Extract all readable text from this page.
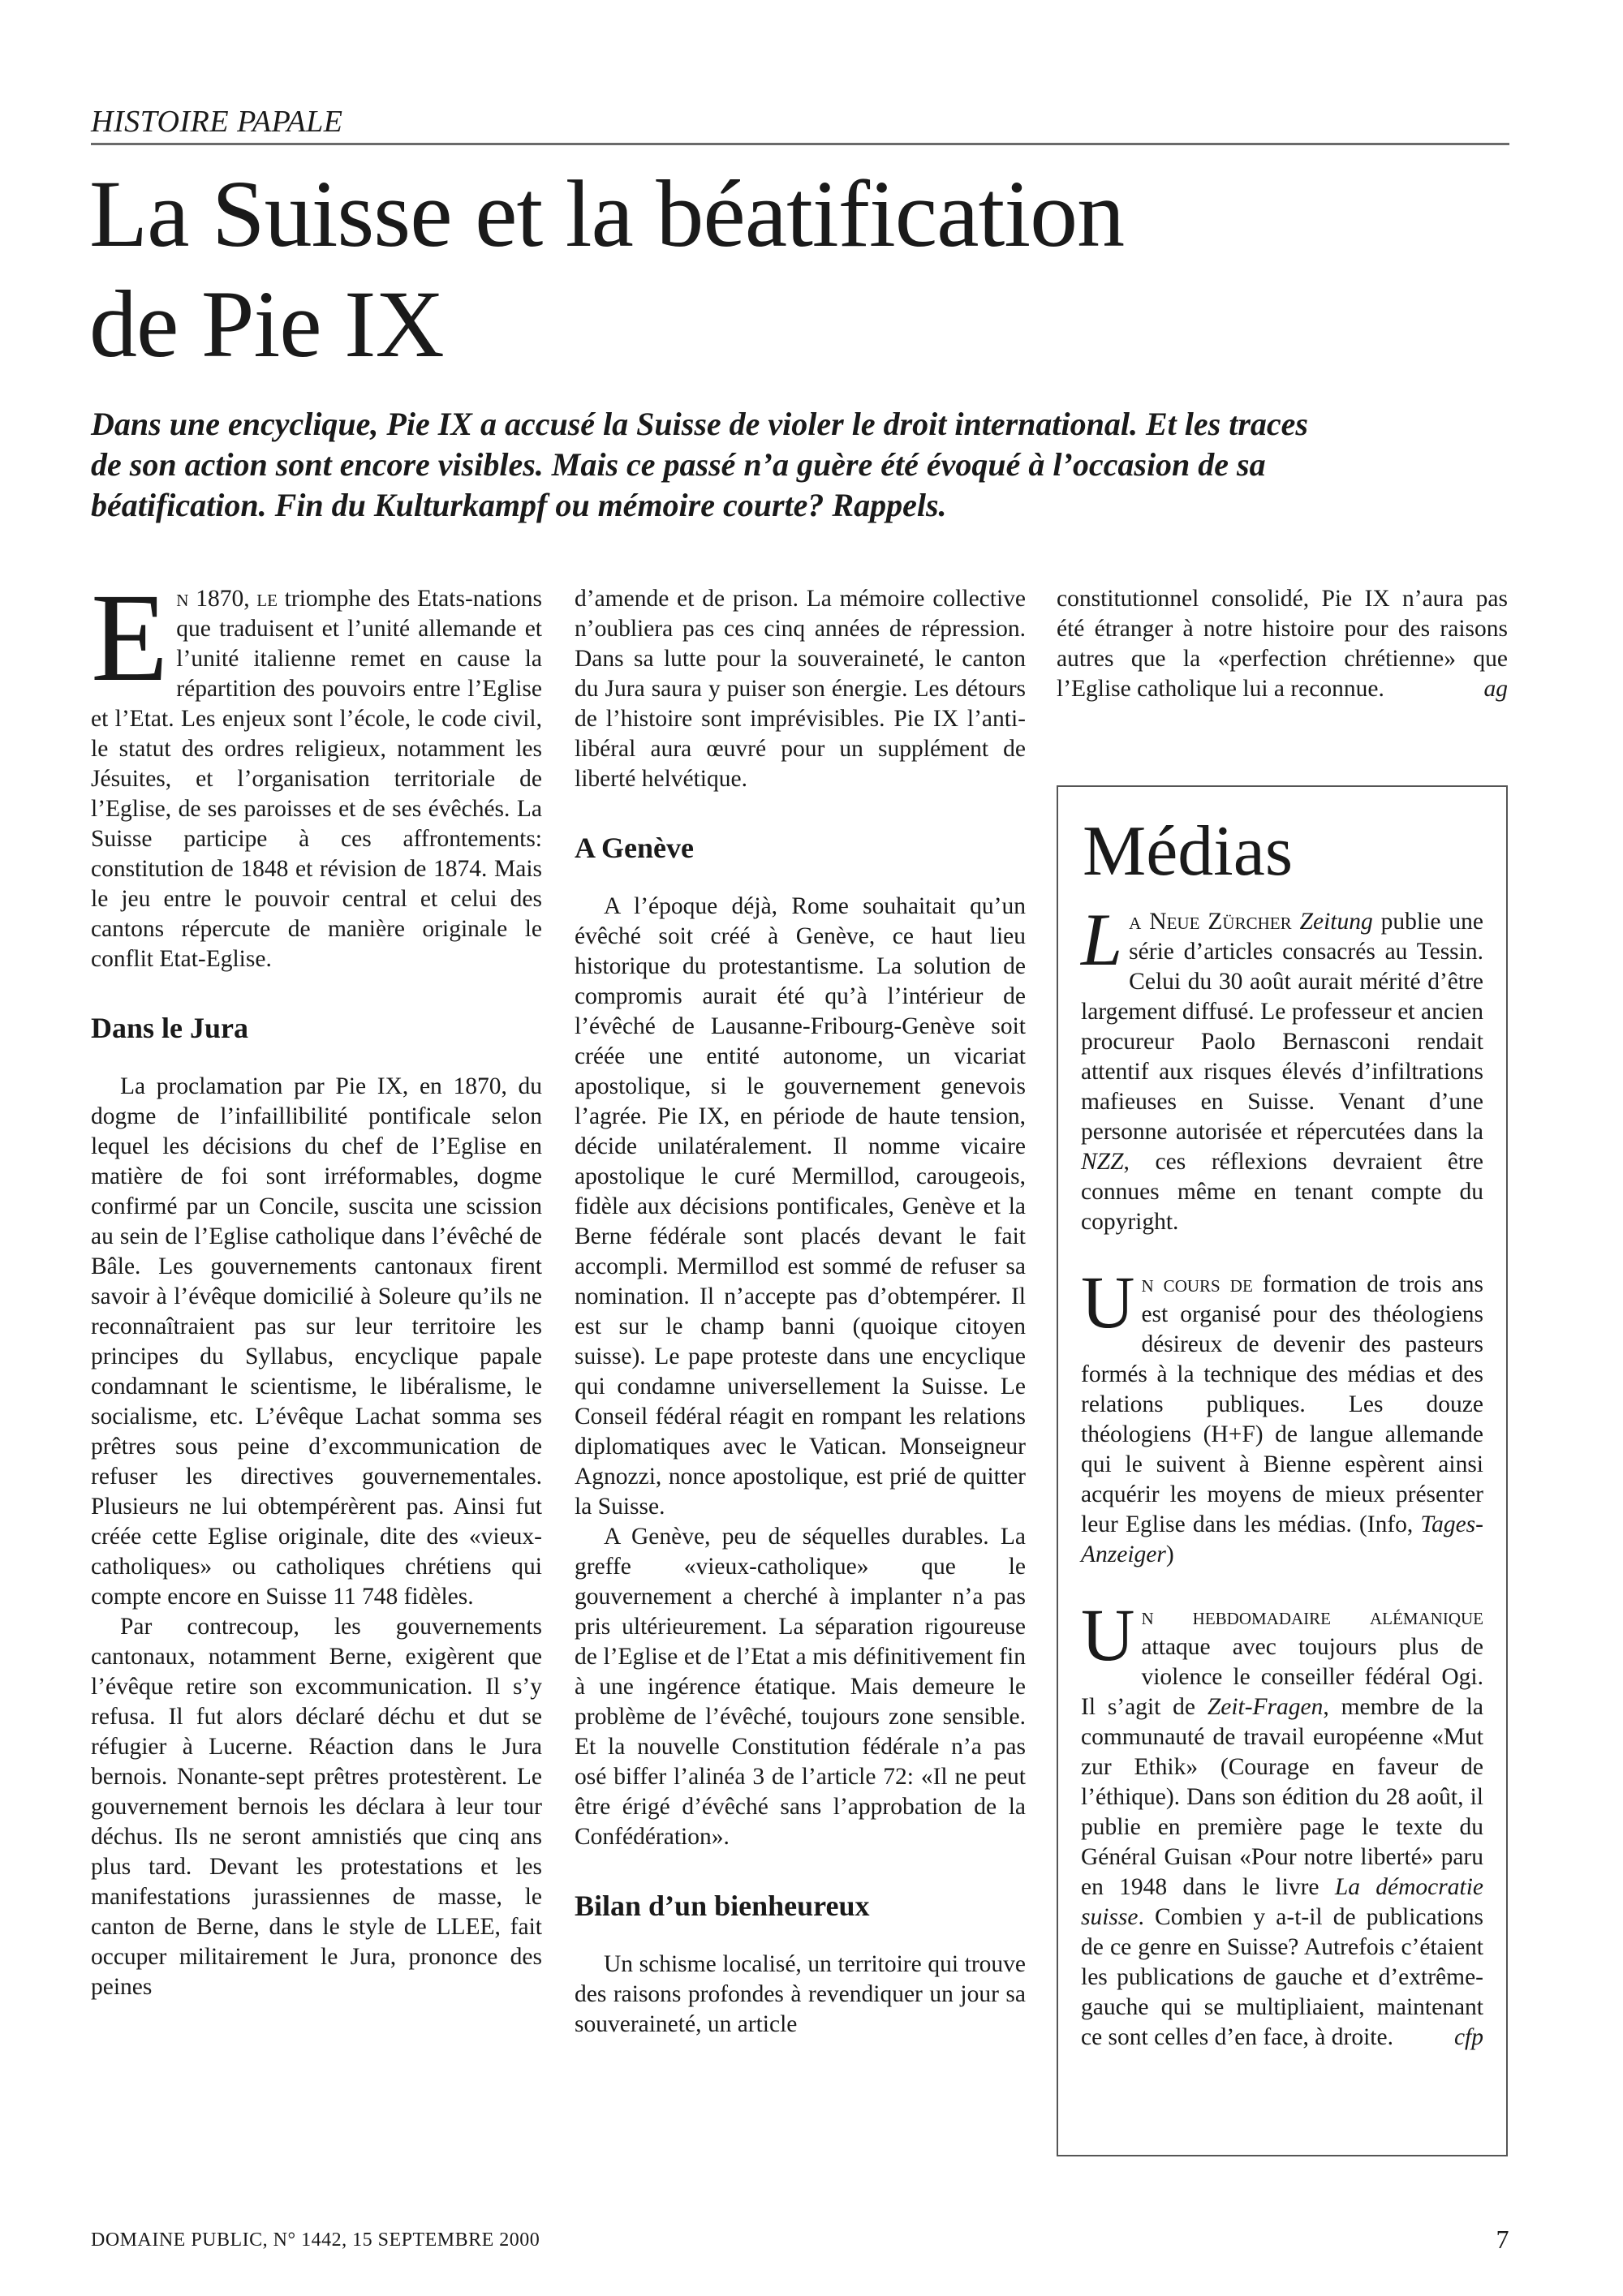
HISTOIRE PAPALE
La Suisse et la béatification
de Pie IX

Dans une encyclique, Pie IX a accusé la Suisse de violer le droit international. Et les traces de son action sont encore visibles. Mais ce passé n’a guère été évoqué à l’occasion de sa béatification. Fin du Kulturkampf ou mémoire courte? Rappels.

En 1870, le triomphe des Etats-nations que traduisent et l’unité allemande et l’unité italienne remet en cause la répartition des pouvoirs entre l’Eglise et l’Etat. Les enjeux sont l’école, le code civil, le statut des ordres religieux, notamment les Jésuites, et l’organisation territoriale de l’Eglise, de ses paroisses et de ses évêchés. La Suisse participe à ces affrontements: constitution de 1848 et révision de 1874. Mais le jeu entre le pouvoir central et celui des cantons répercute de manière originale le conflit Etat-Eglise.

Dans le Jura

La proclamation par Pie IX, en 1870, du dogme de l’infaillibilité pontificale selon lequel les décisions du chef de l’Eglise en matière de foi sont irréformables, dogme confirmé par un Concile, suscita une scission au sein de l’Eglise catholique dans l’évêché de Bâle. Les gouvernements cantonaux firent savoir à l’évêque domicilié à Soleure qu’ils ne reconnaîtraient pas sur leur territoire les principes du Syllabus, encyclique papale condamnant le scientisme, le libéralisme, le socialisme, etc. L’évêque Lachat somma ses prêtres sous peine d’excommunication de refuser les directives gouvernementales. Plusieurs ne lui obtempérèrent pas. Ainsi fut créée cette Eglise originale, dite des «vieux-catholiques» ou catholiques chrétiens qui compte encore en Suisse 11 748 fidèles.

Par contrecoup, les gouvernements cantonaux, notamment Berne, exigèrent que l’évêque retire son excommunication. Il s’y refusa. Il fut alors déclaré déchu et dut se réfugier à Lucerne. Réaction dans le Jura bernois. Nonante-sept prêtres protestèrent. Le gouvernement bernois les déclara à leur tour déchus. Ils ne seront amnistiés que cinq ans plus tard. Devant les protestations et les manifestations jurassiennes de masse, le canton de Berne, dans le style de LLEE, fait occuper militairement le Jura, prononce des peines

d’amende et de prison. La mémoire collective n’oubliera pas ces cinq années de répression. Dans sa lutte pour la souveraineté, le canton du Jura saura y puiser son énergie. Les détours de l’histoire sont imprévisibles. Pie IX l’anti-libéral aura œuvré pour un supplément de liberté helvétique.

A Genève

A l’époque déjà, Rome souhaitait qu’un évêché soit créé à Genève, ce haut lieu historique du protestantisme. La solution de compromis aurait été qu’à l’intérieur de l’évêché de Lausanne-Fribourg-Genève soit créée une entité autonome, un vicariat apostolique, si le gouvernement genevois l’agrée. Pie IX, en période de haute tension, décide unilatéralement. Il nomme vicaire apostolique le curé Mermillod, carougeois, fidèle aux décisions pontificales, Genève et la Berne fédérale sont placés devant le fait accompli. Mermillod est sommé de refuser sa nomination. Il n’accepte pas d’obtempérer. Il est sur le champ banni (quoique citoyen suisse). Le pape proteste dans une encyclique qui condamne universellement la Suisse. Le Conseil fédéral réagit en rompant les relations diplomatiques avec le Vatican. Monseigneur Agnozzi, nonce apostolique, est prié de quitter la Suisse.

A Genève, peu de séquelles durables. La greffe «vieux-catholique» que le gouvernement a cherché à implanter n’a pas pris ultérieurement. La séparation rigoureuse de l’Eglise et de l’Etat a mis définitivement fin à une ingérence étatique. Mais demeure le problème de l’évêché, toujours zone sensible. Et la nouvelle Constitution fédérale n’a pas osé biffer l’alinéa 3 de l’article 72: «Il ne peut être érigé d’évêché sans l’approbation de la Confédération».

Bilan d’un bienheureux

Un schisme localisé, un territoire qui trouve des raisons profondes à revendiquer un jour sa souveraineté, un article

constitutionnel consolidé, Pie IX n’aura pas été étranger à notre histoire pour des raisons autres que la «perfection chrétienne» que l’Eglise catholique lui a reconnue.	ag

Médias

La Neue Zürcher Zeitung publie une série d’articles consacrés au Tessin. Celui du 30 août aurait mérité d’être largement diffusé. Le professeur et ancien procureur Paolo Bernasconi rendait attentif aux risques élevés d’infiltrations mafieuses en Suisse. Venant d’une personne autorisée et répercutées dans la NZZ, ces réflexions devraient être connues même en tenant compte du copyright.

Un cours de formation de trois ans est organisé pour des théologiens désireux de devenir des pasteurs formés à la technique des médias et des relations publiques. Les douze théologiens (H+F) de langue allemande qui le suivent à Bienne espèrent ainsi acquérir les moyens de mieux présenter leur Eglise dans les médias. (Info, Tages-Anzeiger)

Un hebdomadaire alémanique attaque avec toujours plus de violence le conseiller fédéral Ogi. Il s’agit de Zeit-Fragen, membre de la communauté de travail européenne «Mut zur Ethik» (Courage en faveur de l’éthique). Dans son édition du 28 août, il publie en première page le texte du Général Guisan «Pour notre liberté» paru en 1948 dans le livre La démocratie suisse. Combien y a-t-il de publications de ce genre en Suisse? Autrefois c’étaient les publications de gauche et d’extrême-gauche qui se multipliaient, maintenant ce sont celles d’en face, à droite.	cfp

DOMAINE PUBLIC, N° 1442, 15 SEPTEMBRE 2000	7
